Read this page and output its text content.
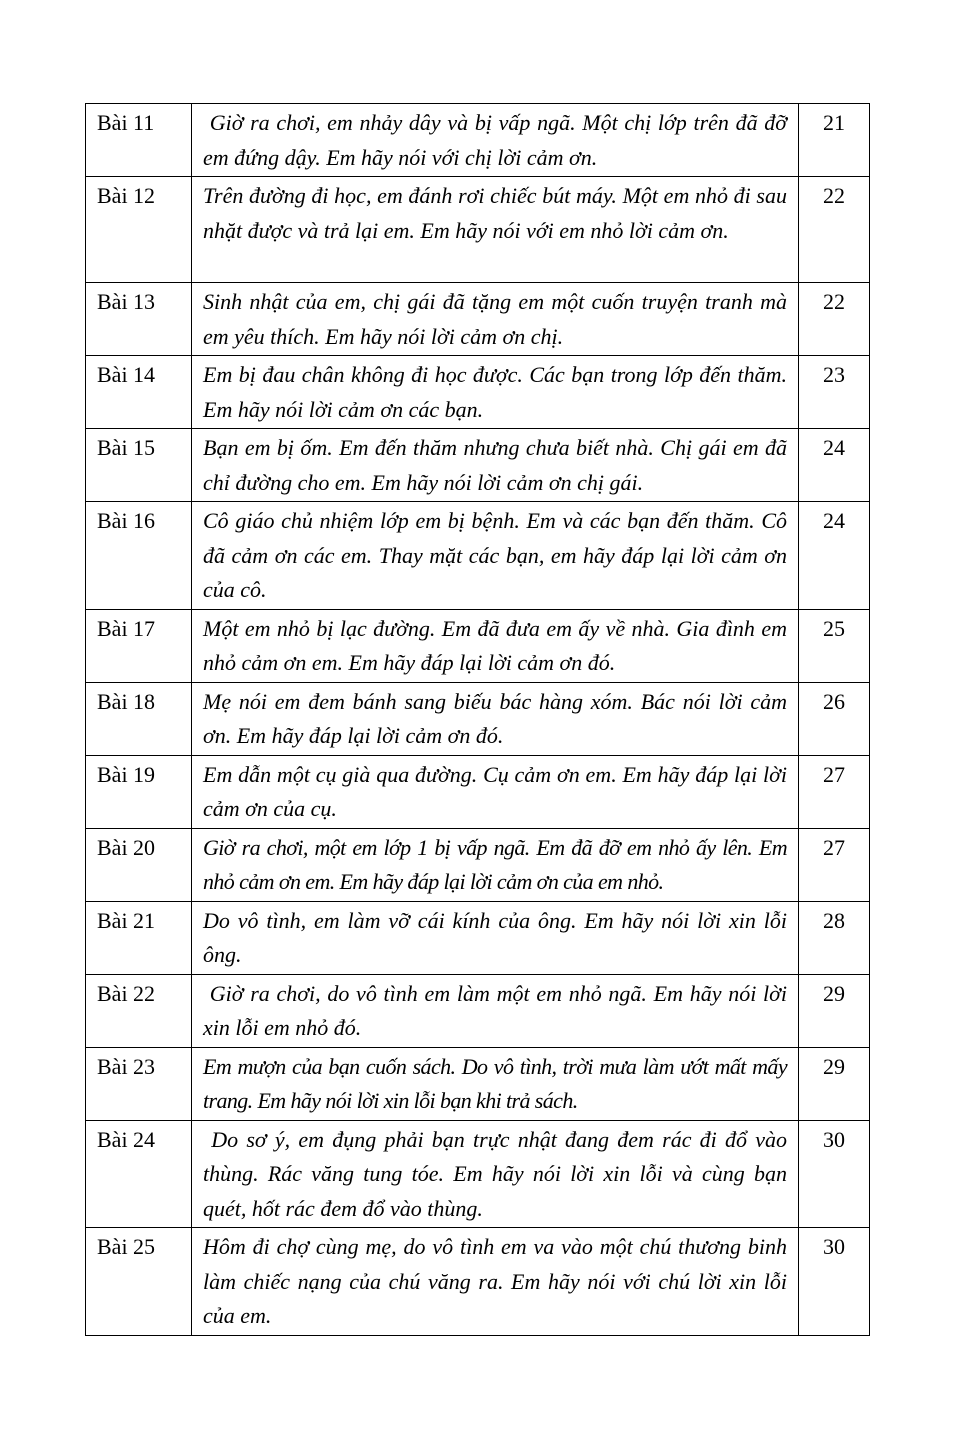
Bài 11	Giờ ra chơi, em nhảy dây và bị vấp ngã. Một chị lớp trên đã đỡ em đứng dậy. Em hãy nói với chị lời cảm ơn.	21
Bài 12	Trên đường đi học, em đánh rơi chiếc bút máy. Một em nhỏ đi sau nhặt được và trả lại em. Em hãy nói với em nhỏ lời cảm ơn.	22
Bài 13	Sinh nhật của em, chị gái đã tặng em một cuốn truyện tranh mà em yêu thích. Em hãy nói lời cảm ơn chị.	22
Bài 14	Em bị đau chân không đi học được. Các bạn trong lớp đến thăm. Em hãy nói lời cảm ơn các bạn.	23
Bài 15	Bạn em bị ốm. Em đến thăm nhưng chưa biết nhà. Chị gái em đã chỉ đường cho em. Em hãy nói lời cảm ơn chị gái.	24
Bài 16	Cô giáo chủ nhiệm lớp em bị bệnh. Em và các bạn đến thăm. Cô đã cảm ơn các em. Thay mặt các bạn, em hãy đáp lại lời cảm ơn của cô.	24
Bài 17	Một em nhỏ bị lạc đường. Em đã đưa em ấy về nhà. Gia đình em nhỏ cảm ơn em. Em hãy đáp lại lời cảm ơn đó.	25
Bài 18	Mẹ nói em đem bánh sang biếu bác hàng xóm. Bác nói lời cảm ơn. Em hãy đáp lại lời cảm ơn đó.	26
Bài 19	Em dẫn một cụ già qua đường. Cụ cảm ơn em. Em hãy đáp lại lời cảm ơn của cụ.	27
Bài 20	Giờ ra chơi, một em lớp 1 bị vấp ngã. Em đã đỡ em nhỏ ấy lên. Em nhỏ cảm ơn em. Em hãy đáp lại lời cảm ơn của em nhỏ.	27
Bài 21	Do vô tình, em làm vỡ cái kính của ông. Em hãy nói lời xin lỗi ông.	28
Bài 22	Giờ ra chơi, do vô tình em làm một em nhỏ ngã. Em hãy nói lời xin lỗi em nhỏ đó.	29
Bài 23	Em mượn của bạn cuốn sách. Do vô tình, trời mưa làm ướt mất mấy trang. Em hãy nói lời xin lỗi bạn khi trả sách.	29
Bài 24	Do sơ ý, em đụng phải bạn trực nhật đang đem rác đi đổ vào thùng. Rác văng tung tóe. Em hãy nói lời xin lỗi và cùng bạn quét, hốt rác đem đổ vào thùng.	30
Bài 25	Hôm đi chợ cùng mẹ, do vô tình em va vào một chú thương binh làm chiếc nạng của chú văng ra. Em hãy nói với chú lời xin lỗi của em.	30
